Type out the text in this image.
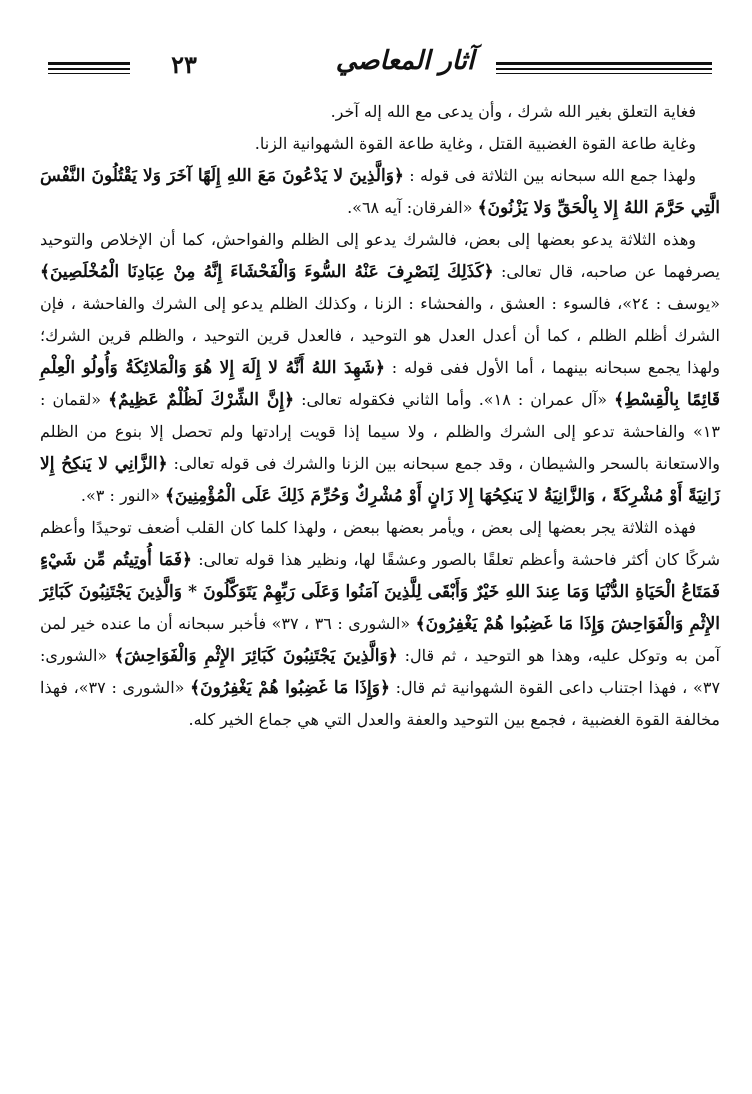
٢٣	آثار المعاصي

فغاية التعلق بغير الله شرك ، وأن يدعى مع الله إله آخر.

وغاية طاعة القوة الغضبية القتل ، وغاية طاعة القوة الشهوانية الزنا.

ولهذا جمع الله سبحانه بين الثلاثة فى قوله : ﴿وَالَّذِينَ لا يَدْعُونَ مَعَ اللهِ إِلَهًا آخَرَ وَلا يَقْتُلُونَ النَّفْسَ الَّتِي حَرَّمَ اللهُ إِلا بِالْحَقِّ وَلا يَزْنُونَ﴾ «الفرقان: آيه ٦٨».

وهذه الثلاثة يدعو بعضها إلى بعض، فالشرك يدعو إلى الظلم والفواحش، كما أن الإخلاص والتوحيد يصرفهما عن صاحبه، قال تعالى: ﴿كَذَلِكَ لِنَصْرِفَ عَنْهُ السُّوءَ وَالْفَحْشَاءَ إِنَّهُ مِنْ عِبَادِنَا الْمُخْلَصِينَ﴾ «يوسف : ٢٤»، فالسوء : العشق ، والفحشاء : الزنا ، وكذلك الظلم يدعو إلى الشرك والفاحشة ، فإن الشرك أظلم الظلم ، كما أن أعدل العدل هو التوحيد ، فالعدل قرين التوحيد ، والظلم قرين الشرك؛ ولهذا يجمع سبحانه بينهما ، أما الأول ففى قوله : ﴿شَهِدَ اللهُ أَنَّهُ لا إِلَهَ إِلا هُوَ وَالْمَلائِكَةُ وَأُولُو الْعِلْمِ قَائِمًا بِالْقِسْطِ﴾ «آل عمران : ١٨». وأما الثاني فكقوله تعالى: ﴿إِنَّ الشِّرْكَ لَظُلْمٌ عَظِيمٌ﴾ «لقمان : ١٣» والفاحشة تدعو إلى الشرك والظلم ، ولا سيما إذا قويت إرادتها ولم تحصل إلا بنوع من الظلم والاستعانة بالسحر والشيطان ، وقد جمع سبحانه بين الزنا والشرك فى قوله تعالى: ﴿الزَّانِي لا يَنكِحُ إِلا زَانِيَةً أَوْ مُشْرِكَةً ، وَالزَّانِيَةُ لا يَنكِحُهَا إِلا زَانٍ أَوْ مُشْرِكٌ وَحُرِّمَ ذَلِكَ عَلَى الْمُؤْمِنِينَ﴾ «النور : ٣».

فهذه الثلاثة يجر بعضها إلى بعض ، ويأمر بعضها ببعض ، ولهذا كلما كان القلب أضعف توحيدًا وأعظم شركًا كان أكثر فاحشة وأعظم تعلقًا بالصور وعشقًا لها، ونظير هذا قوله تعالى: ﴿فَمَا أُوتِيتُم مِّن شَيْءٍ فَمَتَاعُ الْحَيَاةِ الدُّنْيَا وَمَا عِندَ اللهِ خَيْرٌ وَأَبْقَى لِلَّذِينَ آمَنُوا وَعَلَى رَبِّهِمْ يَتَوَكَّلُونَ * وَالَّذِينَ يَجْتَنِبُونَ كَبَائِرَ الإِثْمِ وَالْفَوَاحِشَ وَإِذَا مَا غَضِبُوا هُمْ يَغْفِرُونَ﴾ «الشورى : ٣٦ ، ٣٧» فأخبر سبحانه أن ما عنده خير لمن آمن به وتوكل عليه، وهذا هو التوحيد ، ثم قال: ﴿وَالَّذِينَ يَجْتَنِبُونَ كَبَائِرَ الإِثْمِ وَالْفَوَاحِشَ﴾ «الشورى: ٣٧» ، فهذا اجتناب داعى القوة الشهوانية ثم قال: ﴿وَإِذَا مَا غَضِبُوا هُمْ يَغْفِرُونَ﴾ «الشورى : ٣٧»، فهذا مخالفة القوة الغضبية ، فجمع بين التوحيد والعفة والعدل التي هي جماع الخير كله.
